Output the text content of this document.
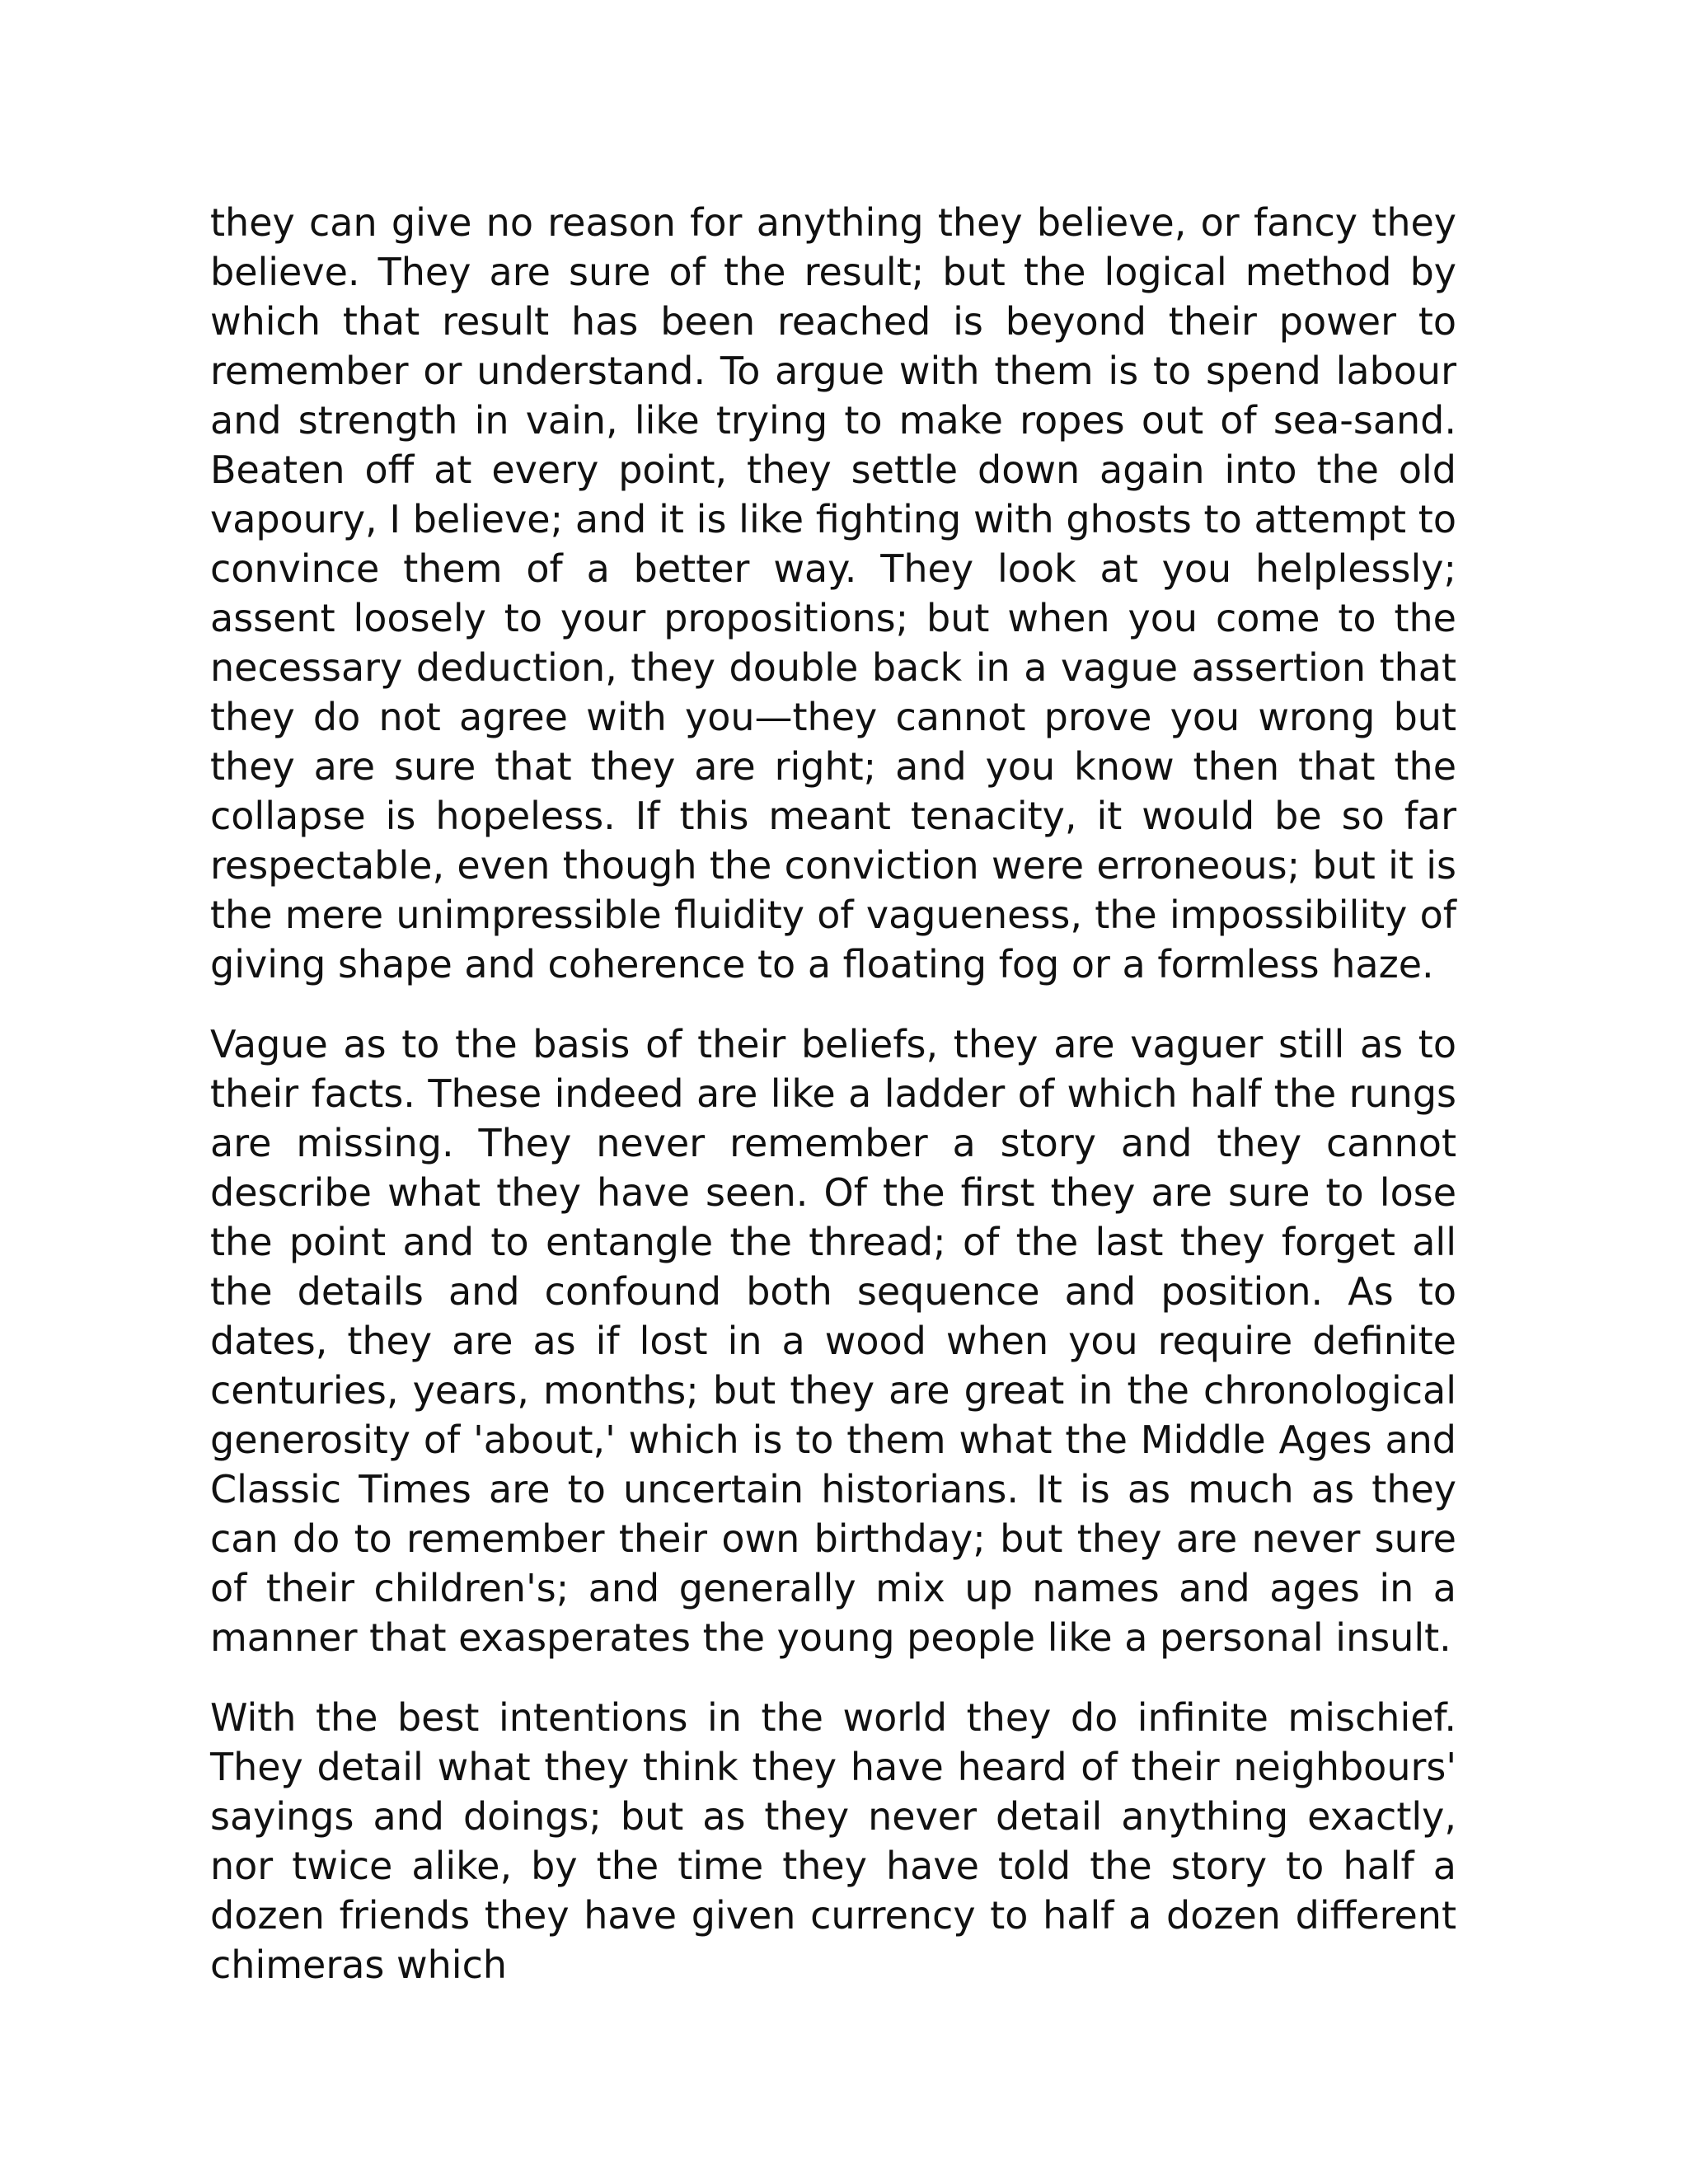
they can give no reason for anything they believe, or fancy they believe. They are sure of the result; but the logical method by which that result has been reached is beyond their power to remember or understand. To argue with them is to spend labour and strength in vain, like trying to make ropes out of sea-sand. Beaten off at every point, they settle down again into the old vapoury, I believe; and it is like fighting with ghosts to attempt to convince them of a better way. They look at you helplessly; assent loosely to your propositions; but when you come to the necessary deduction, they double back in a vague assertion that they do not agree with you—they cannot prove you wrong but they are sure that they are right; and you know then that the collapse is hopeless. If this meant tenacity, it would be so far respectable, even though the conviction were erroneous; but it is the mere unimpressible fluidity of vagueness, the impossibility of giving shape and coherence to a floating fog or a formless haze.

Vague as to the basis of their beliefs, they are vaguer still as to their facts. These indeed are like a ladder of which half the rungs are missing. They never remember a story and they cannot describe what they have seen. Of the first they are sure to lose the point and to entangle the thread; of the last they forget all the details and confound both sequence and position. As to dates, they are as if lost in a wood when you require definite centuries, years, months; but they are great in the chronological generosity of 'about,' which is to them what the Middle Ages and Classic Times are to uncertain historians. It is as much as they can do to remember their own birthday; but they are never sure of their children's; and generally mix up names and ages in a manner that exasperates the young people like a personal insult.

With the best intentions in the world they do infinite mischief. They detail what they think they have heard of their neighbours' sayings and doings; but as they never detail anything exactly, nor twice alike, by the time they have told the story to half a dozen friends they have given currency to half a dozen different chimeras which
